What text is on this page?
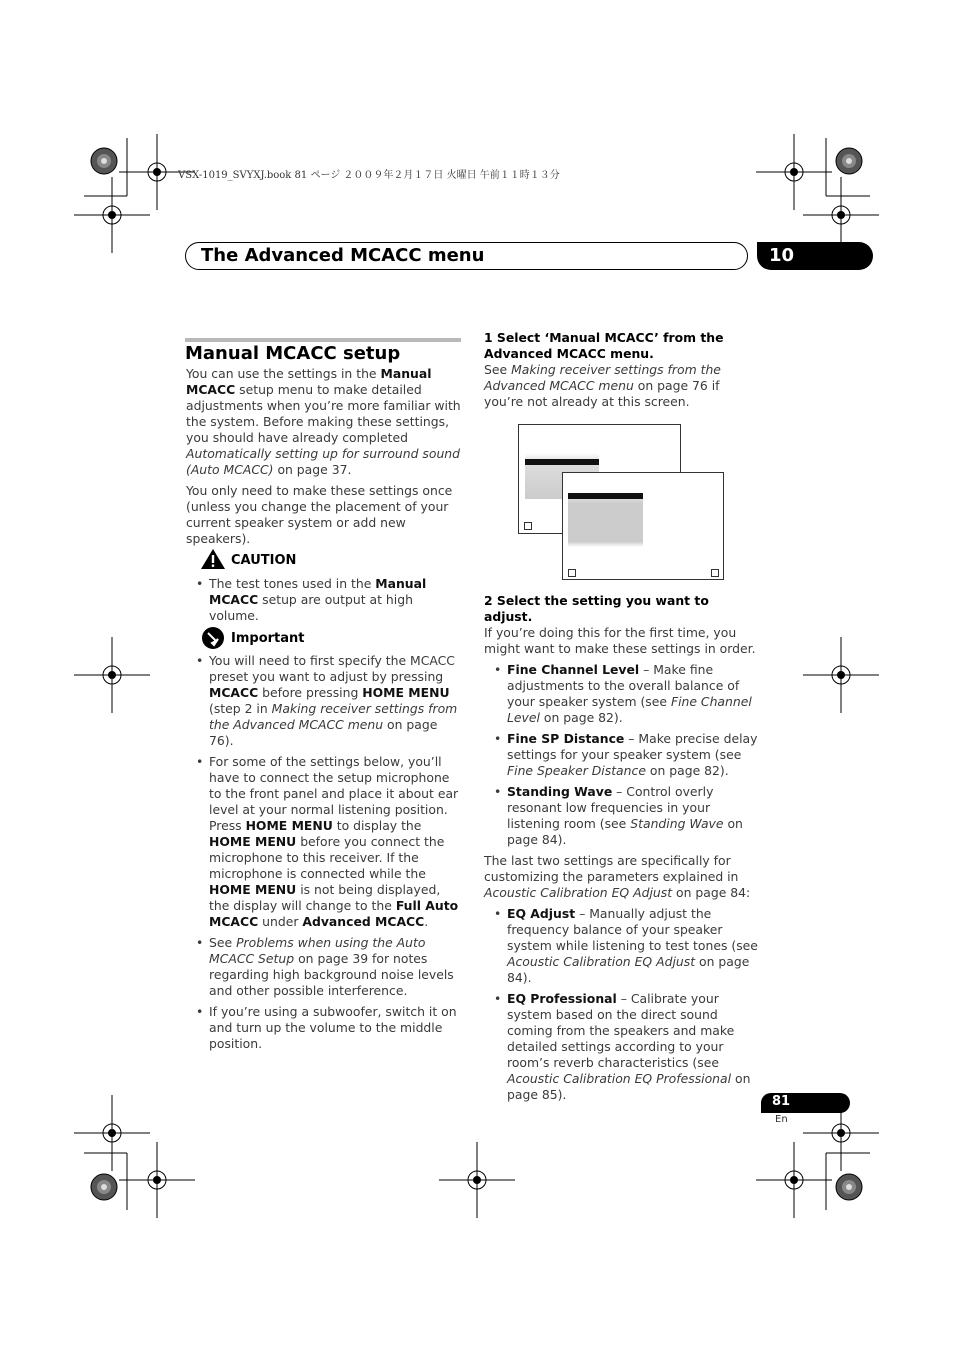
VSX-1019_SVYXJ.book 81 ページ ２００９年２月１７日 火曜日 午前１１時１３分
The Advanced MCACC menu	10
Manual MCACC setup

You can use the settings in the Manual MCACC setup menu to make detailed adjustments when you’re more familiar with the system. Before making these settings, you should have already completed Automatically setting up for surround sound (Auto MCACC) on page 37.

You only need to make these settings once (unless you change the placement of your current speaker system or add new speakers).

CAUTION
• The test tones used in the Manual MCACC setup are output at high volume.
Important
• You will need to first specify the MCACC preset you want to adjust by pressing MCACC before pressing HOME MENU (step 2 in Making receiver settings from the Advanced MCACC menu on page 76).
• For some of the settings below, you’ll have to connect the setup microphone to the front panel and place it about ear level at your normal listening position. Press HOME MENU to display the HOME MENU before you connect the microphone to this receiver. If the microphone is connected while the HOME MENU is not being displayed, the display will change to the Full Auto MCACC under Advanced MCACC.
• See Problems when using the Auto MCACC Setup on page 39 for notes regarding high background noise levels and other possible interference.
• If you’re using a subwoofer, switch it on and turn up the volume to the middle position.

1 Select ‘Manual MCACC’ from the Advanced MCACC menu.

See Making receiver settings from the Advanced MCACC menu on page 76 if you’re not already at this screen.

2 Select the setting you want to adjust.

If you’re doing this for the first time, you might want to make these settings in order.

• Fine Channel Level – Make fine adjustments to the overall balance of your speaker system (see Fine Channel Level on page 82).
• Fine SP Distance – Make precise delay settings for your speaker system (see Fine Speaker Distance on page 82).
• Standing Wave – Control overly resonant low frequencies in your listening room (see Standing Wave on page 84).

The last two settings are specifically for customizing the parameters explained in Acoustic Calibration EQ Adjust on page 84:

• EQ Adjust – Manually adjust the frequency balance of your speaker system while listening to test tones (see Acoustic Calibration EQ Adjust on page 84).
• EQ Professional – Calibrate your system based on the direct sound coming from the speakers and make detailed settings according to your room’s reverb characteristics (see Acoustic Calibration EQ Professional on page 85).	81
En
